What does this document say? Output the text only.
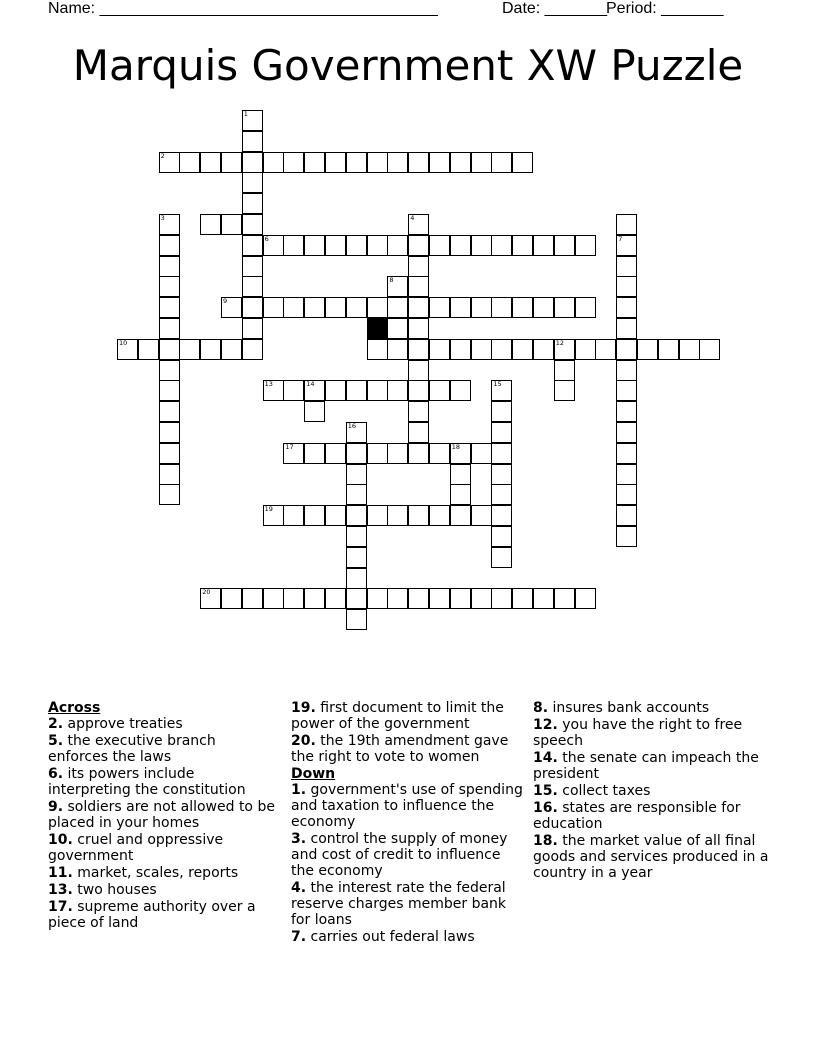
Name: ______________________________________	Date: _______ Period: _______
Marquis Government XW Puzzle
1
2
3
6
4
7
8
9
10	12
13	14	15
16
17	18
19
20
Across
2. approve treaties
5. the executive branch enforces the laws
6. its powers include interpreting the constitution
9. soldiers are not allowed to be placed in your homes
10. cruel and oppressive government
11. market, scales, reports
13. two houses
17. supreme authority over a piece of land
19. first document to limit the power of the government
20. the 19th amendment gave the right to vote to women
Down
1. government's use of spending and taxation to influence the economy
3. control the supply of money and cost of credit to influence the economy
4. the interest rate the federal reserve charges member bank for loans
7. carries out federal laws
8. insures bank accounts
12. you have the right to free speech
14. the senate can impeach the president
15. collect taxes
16. states are responsible for education
18. the market value of all final goods and services produced in a country in a year
